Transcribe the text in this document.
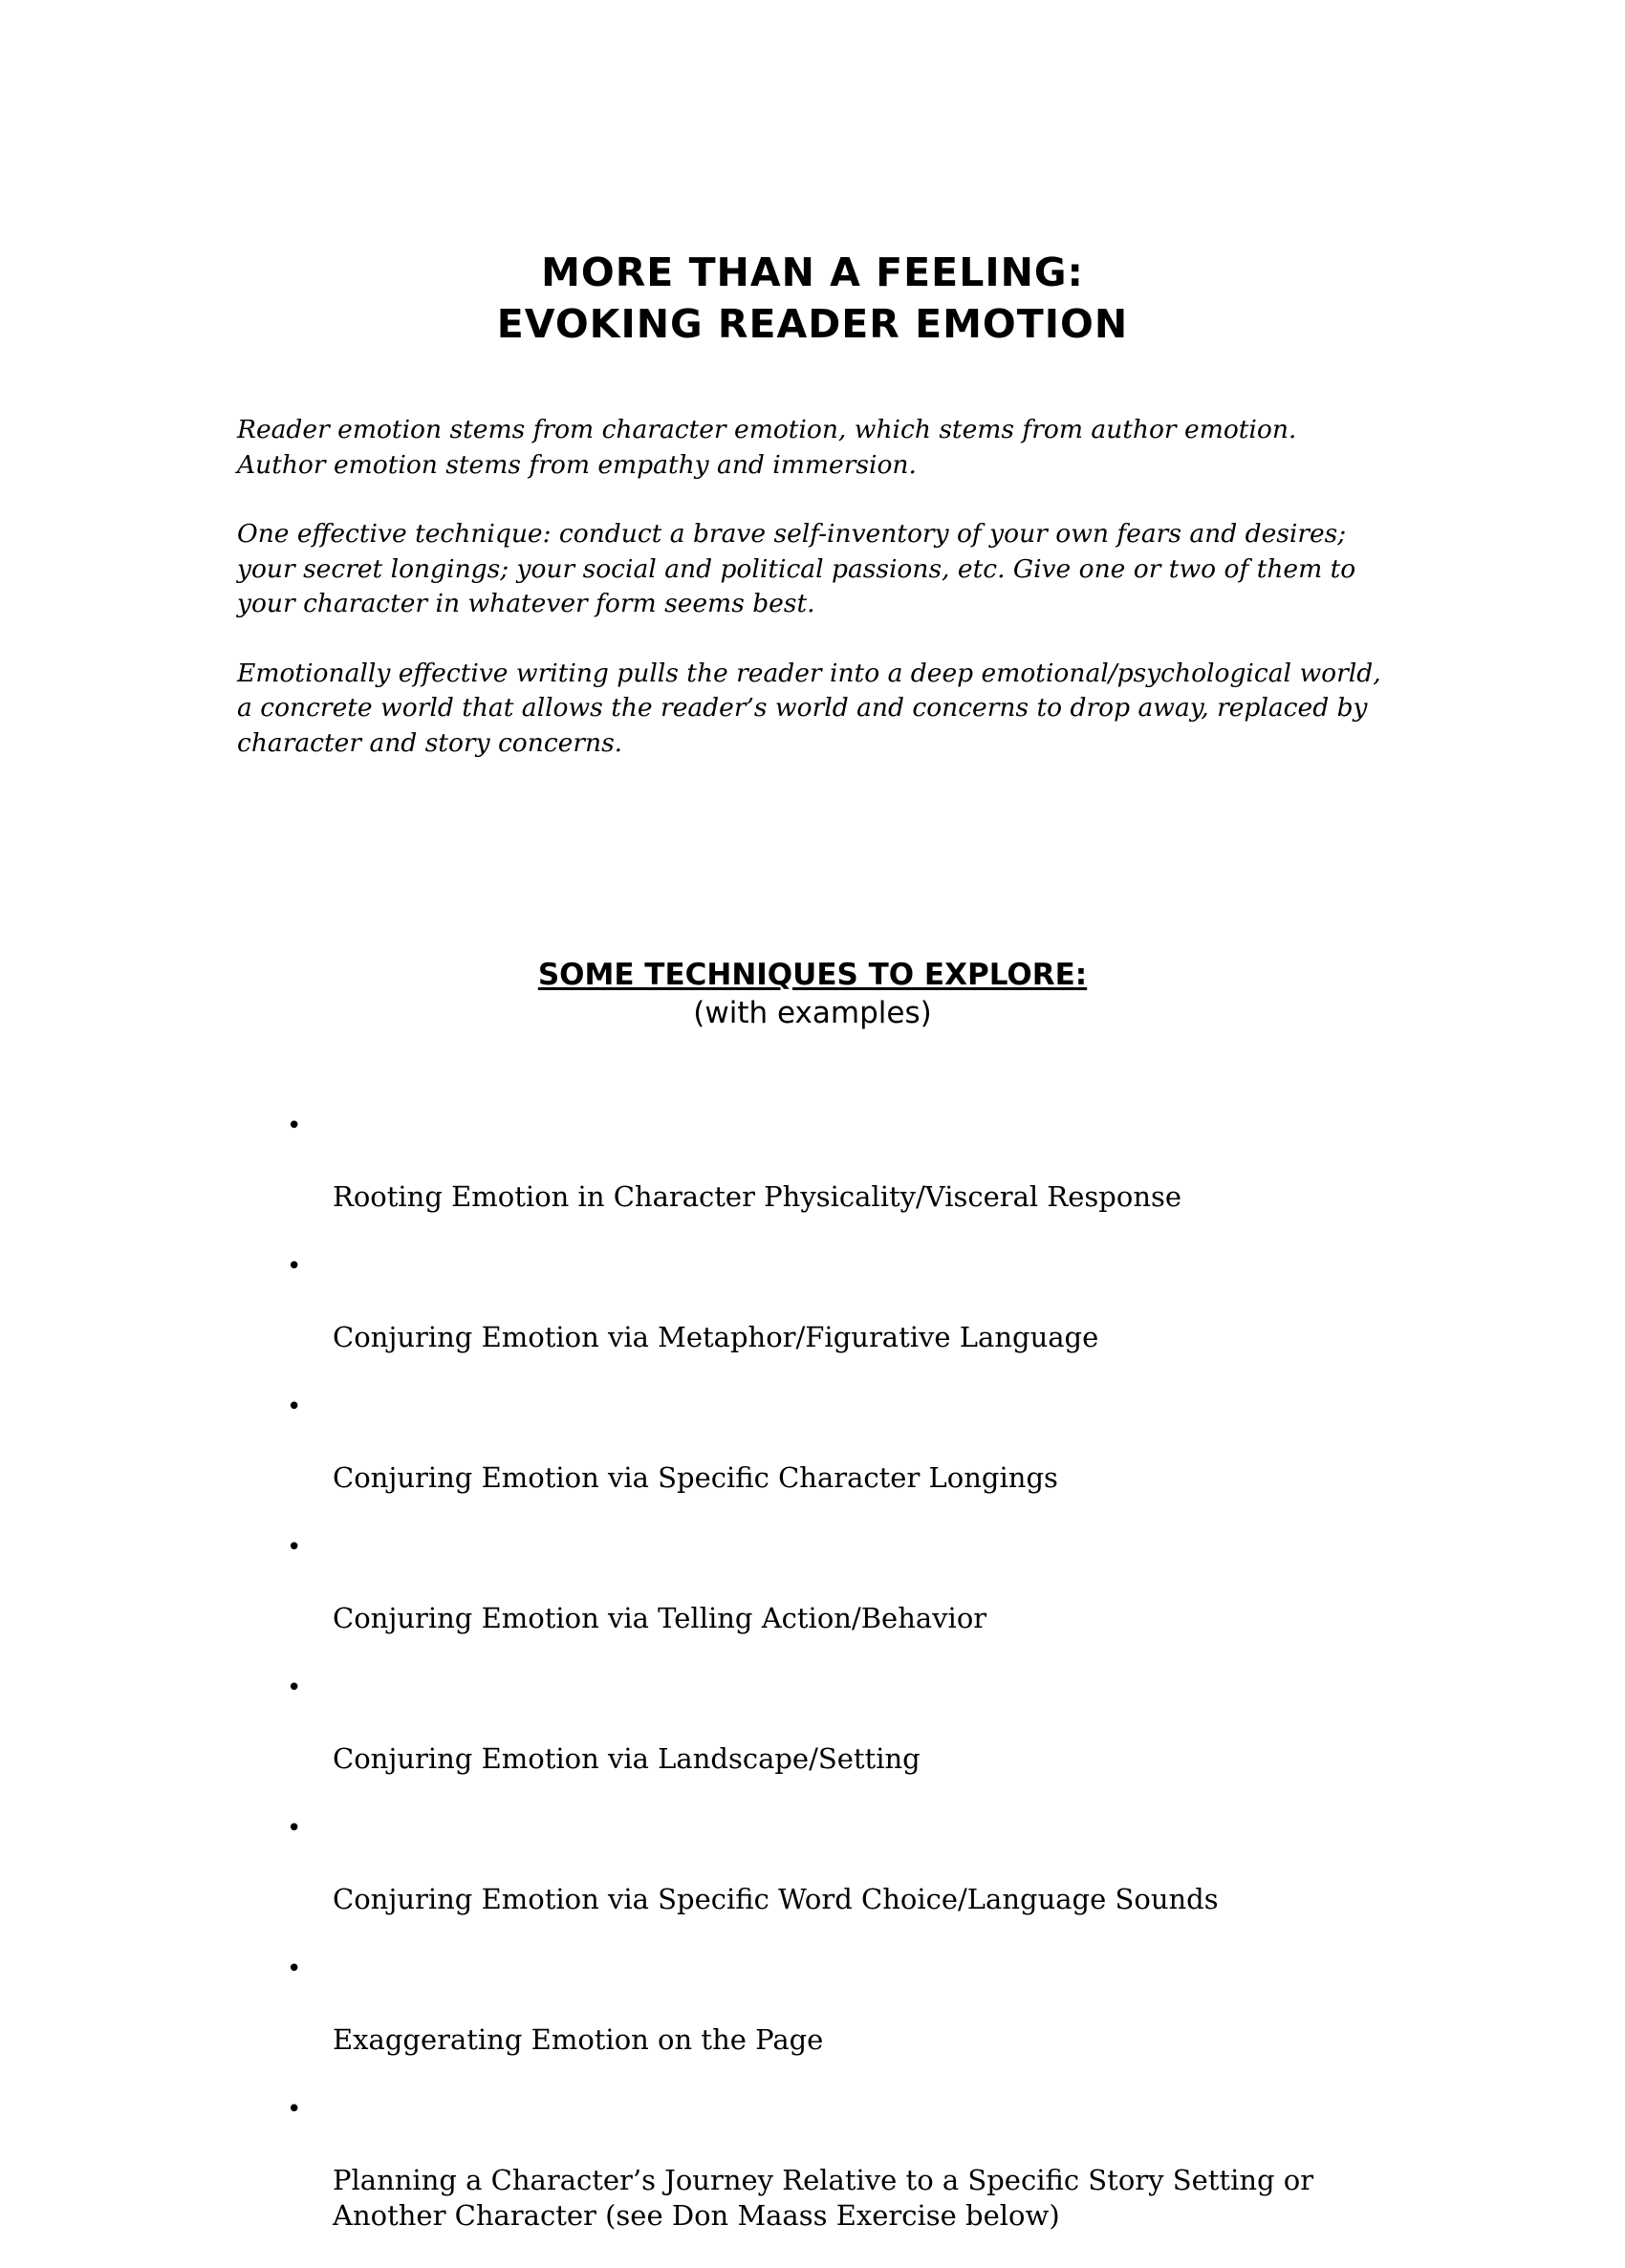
MORE THAN A FEELING:
EVOKING READER EMOTION

Reader emotion stems from character emotion, which stems from author emotion.
Author emotion stems from empathy and immersion.

One effective technique: conduct a brave self-inventory of your own fears and desires;
your secret longings; your social and political passions, etc. Give one or two of them to
your character in whatever form seems best.

Emotionally effective writing pulls the reader into a deep emotional/psychological world,
a concrete world that allows the reader’s world and concerns to drop away, replaced by
character and story concerns.

SOME TECHNIQUES TO EXPLORE:
(with examples)

•

Rooting Emotion in Character Physicality/Visceral Response

•

Conjuring Emotion via Metaphor/Figurative Language

•

Conjuring Emotion via Specific Character Longings

•

Conjuring Emotion via Telling Action/Behavior

•

Conjuring Emotion via Landscape/Setting

•

Conjuring Emotion via Specific Word Choice/Language Sounds

•

Exaggerating Emotion on the Page

•

Planning a Character’s Journey Relative to a Specific Story Setting or
Another Character (see Don Maass Exercise below)
